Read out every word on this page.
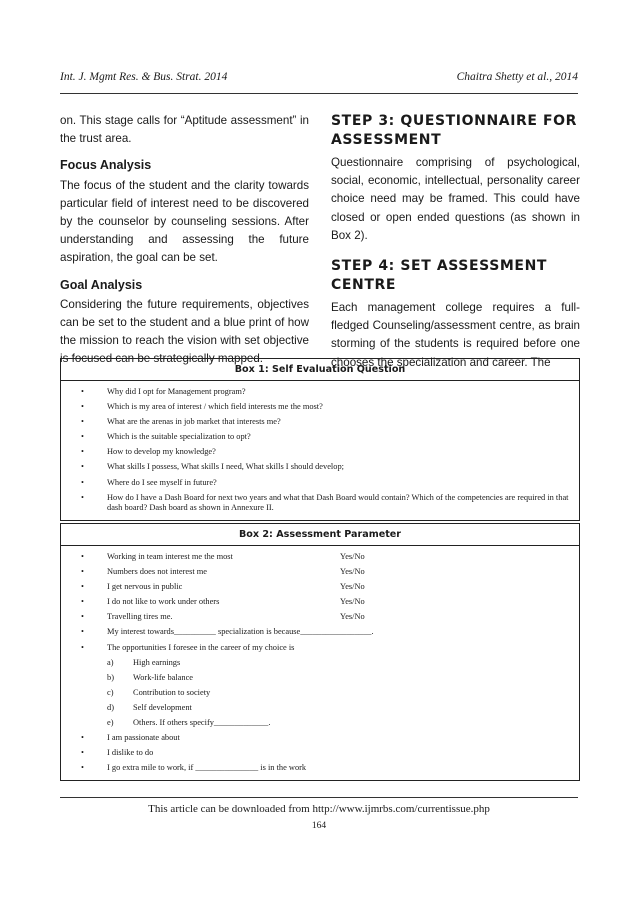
Int. J. Mgmt Res. & Bus. Strat. 2014	Chaitra Shetty et al., 2014

on. This stage calls for “Aptitude assessment” in the trust area.

Focus Analysis

The focus of the student and the clarity towards particular field of interest need to be discovered by the counselor by counseling sessions. After understanding and assessing the future aspiration, the goal can be set.

Goal Analysis

Considering the future requirements, objectives can be set to the student and a blue print of how the mission to reach the vision with set objective is focused can be strategically mapped.

STEP 3: QUESTIONNAIRE FOR ASSESSMENT

Questionnaire comprising of psychological, social, economic, intellectual, personality career choice need may be framed. This could have closed or open ended questions (as shown in Box 2).

STEP 4: SET ASSESSMENT CENTRE

Each management college requires a full-fledged Counseling/assessment centre, as brain storming of the students is required before one chooses the specialization and career. The

Box 1: Self Evaluation Question
•	Why did I opt for Management program?
•	Which is my area of interest / which field interests me the most?
•	What are the arenas in job market that interests me?
•	Which is the suitable specialization to opt?
•	How to develop my knowledge?
•	What skills I possess, What skills I need, What skills I should develop;
•	Where do I see myself in future?
•	How do I have a Dash Board for next two years and what that Dash Board would contain? Which of the competencies are required in that dash board? Dash board as shown in Annexure II.
Box 2: Assessment Parameter
•	Working in team interest me the most	Yes/No
•	Numbers does not interest me	Yes/No
•	I get nervous in public	Yes/No
•	I do not like to work under others	Yes/No
•	Travelling tires me.	Yes/No
•	My interest towards__________ specialization is because_________________.
•	The opportunities I foresee in the career of my choice is
a) High earnings
b) Work-life balance
c) Contribution to society
d) Self development
e) Others. If others specify_____________.
•	I am passionate about
•	I dislike to do
•	I go extra mile to work, if _______________ is in the work
This article can be downloaded from http://www.ijmrbs.com/currentissue.php
164
